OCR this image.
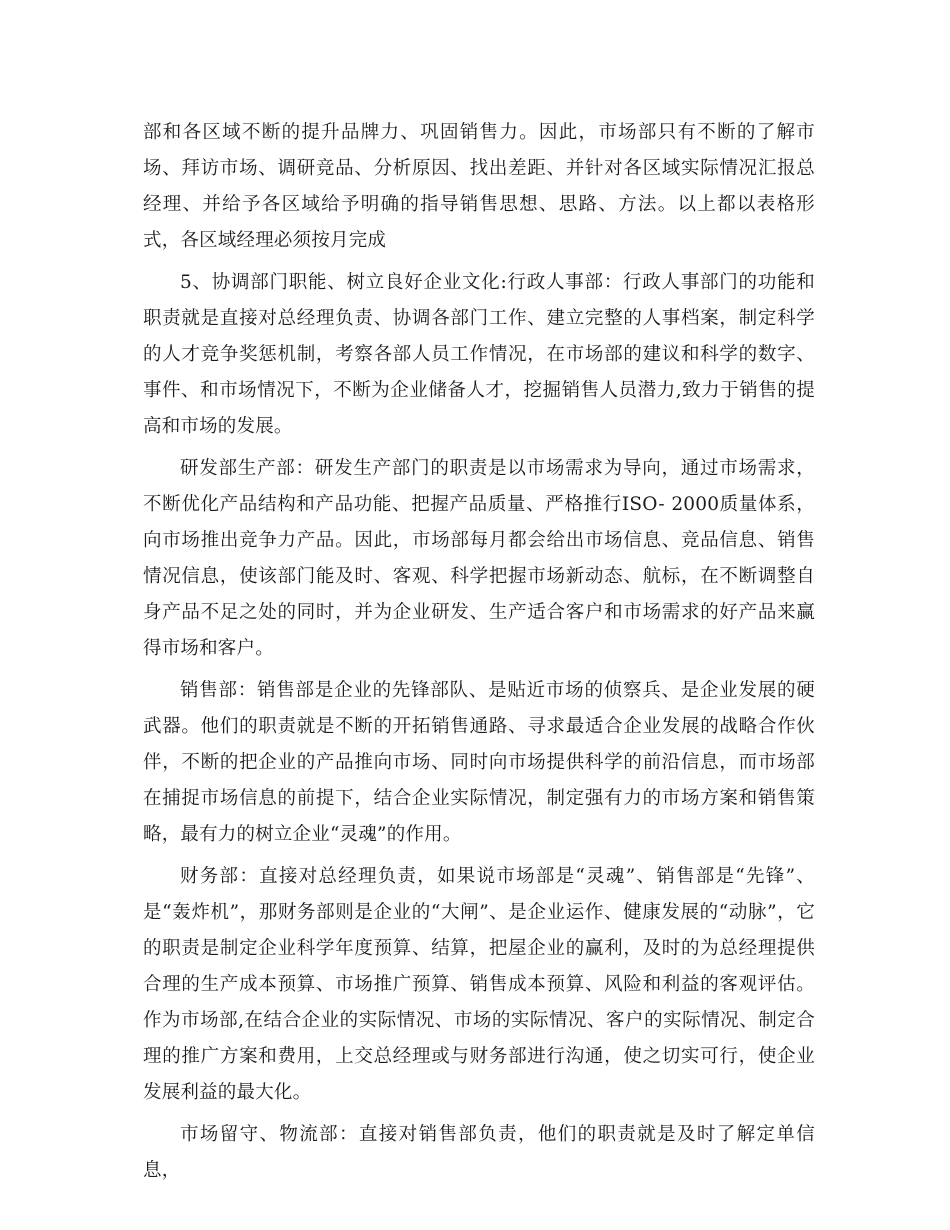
部和各区域不断的提升品牌力、巩固销售力。因此，市场部只有不断的了解市场、拜访市场、调研竞品、分析原因、找出差距、并针对各区域实际情况汇报总经理、并给予各区域给予明确的指导销售思想、思路、方法。以上都以表格形式，各区域经理必须按月完成

5、协调部门职能、树立良好企业文化:行政人事部：行政人事部门的功能和职责就是直接对总经理负责、协调各部门工作、建立完整的人事档案，制定科学的人才竞争奖惩机制，考察各部人员工作情况，在市场部的建议和科学的数字、事件、和市场情况下，不断为企业储备人才，挖掘销售人员潜力,致力于销售的提高和市场的发展。

研发部生产部：研发生产部门的职责是以市场需求为导向，通过市场需求，不断优化产品结构和产品功能、把握产品质量、严格推行ISO- 2000质量体系，向市场推出竞争力产品。因此，市场部每月都会给出市场信息、竞品信息、销售情况信息，使该部门能及时、客观、科学把握市场新动态、航标，在不断调整自身产品不足之处的同时，并为企业研发、生产适合客户和市场需求的好产品来赢得市场和客户。

销售部：销售部是企业的先锋部队、是贴近市场的侦察兵、是企业发展的硬武器。他们的职责就是不断的开拓销售通路、寻求最适合企业发展的战略合作伙伴，不断的把企业的产品推向市场、同时向市场提供科学的前沿信息，而市场部在捕捉市场信息的前提下，结合企业实际情况，制定强有力的市场方案和销售策略，最有力的树立企业“灵魂”的作用。

财务部：直接对总经理负责，如果说市场部是“灵魂”、销售部是“先锋”、是“轰炸机”，那财务部则是企业的“大闸”、是企业运作、健康发展的“动脉”，它的职责是制定企业科学年度预算、结算，把屋企业的赢利，及时的为总经理提供合理的生产成本预算、市场推广预算、销售成本预算、风险和利益的客观评估。作为市场部,在结合企业的实际情况、市场的实际情况、客户的实际情况、制定合理的推广方案和费用，上交总经理或与财务部进行沟通，使之切实可行，使企业发展利益的最大化。

市场留守、物流部：直接对销售部负责，他们的职责就是及时了解定单信息，
